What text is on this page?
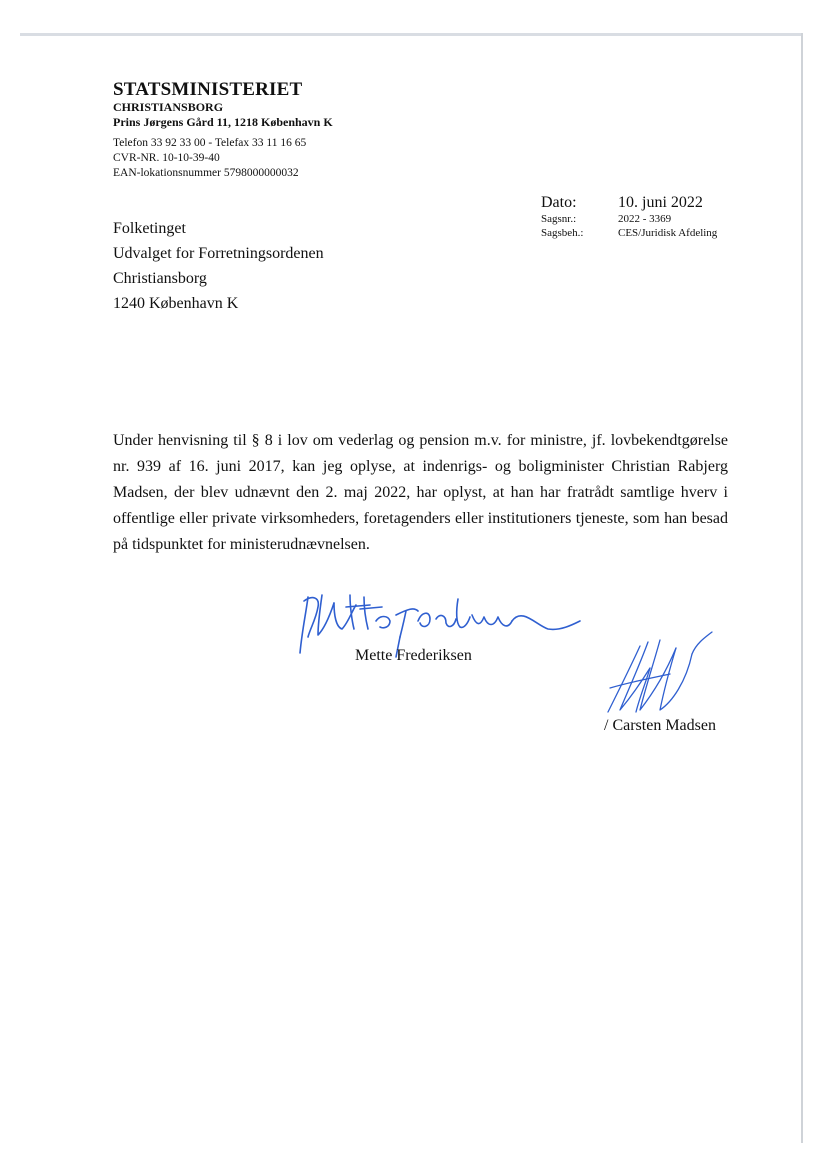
STATSMINISTERIET
CHRISTIANSBORG
Prins Jørgens Gård 11, 1218 København K
Telefon 33 92 33 00 - Telefax 33 11 16 65
CVR-NR. 10-10-39-40
EAN-lokationsnummer 5798000000032
Folketinget
Udvalget for Forretningsordenen
Christiansborg
1240 København K
Dato:	10. juni 2022
Sagsnr.:	2022 - 3369
Sagsbeh.:	CES/Juridisk Afdeling

Under henvisning til § 8 i lov om vederlag og pension m.v. for ministre, jf. lovbekendtgørelse nr. 939 af 16. juni 2017, kan jeg oplyse, at indenrigs- og boligminister Christian Rabjerg Madsen, der blev udnævnt den 2. maj 2022, har oplyst, at han har fratrådt samtlige hverv i offentlige eller private virksomheders, foretagenders eller institutioners tjeneste, som han besad på tidspunktet for ministerudnævnelsen.

Mette Frederiksen
/ Carsten Madsen
